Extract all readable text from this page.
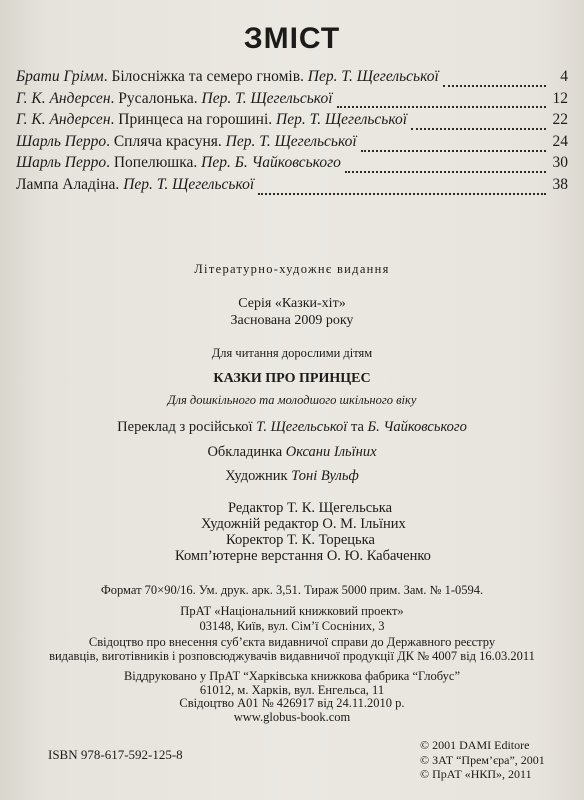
ЗМІСТ
Брати Грімм. Білосніжка та семеро гномів. Пер. Т. Щегельської	4
Г. К. Андерсен. Русалонька. Пер. Т. Щегельської	12
Г. К. Андерсен. Принцеса на горошині. Пер. Т. Щегельської	22
Шарль Перро. Спляча красуня. Пер. Т. Щегельської	24
Шарль Перро. Попелюшка. Пер. Б. Чайковського	30
Лампа Аладіна. Пер. Т. Щегельської	38
Літературно-художнє видання
Серія «Казки-хіт»
Заснована 2009 року
Для читання дорослими дітям
КАЗКИ ПРО ПРИНЦЕС
Для дошкільного та молодшого шкільного віку
Переклад з російської Т. Щегельської та Б. Чайковського
Обкладинка Оксани Ільїних
Художник Тоні Вульф
Редактор Т. К. Щегельська
Художній редактор О. М. Ільїних
Коректор Т. К. Торецька
Комп’ютерне верстання О. Ю. Кабаченко
Формат 70×90/16. Ум. друк. арк. 3,51. Тираж 5000 прим. Зам. № 1-0594.
ПрАТ «Національний книжковий проект»
03148, Київ, вул. Сім’ї Сосніних, 3
Свідоцтво про внесення суб’єкта видавничої справи до Державного реєстру
видавців, виготівників і розповсюджувачів видавничої продукції ДК № 4007 від 16.03.2011
Віддруковано у ПрАТ “Харківська книжкова фабрика “Глобус”
61012, м. Харків, вул. Енгельса, 11
Свідоцтво А01 № 426917 від 24.11.2010 р.
www.globus-book.com
ISBN 978-617-592-125-8
© 2001 DAMI Editore
© ЗАТ “Прем’єра”, 2001
© ПрАТ «НКП», 2011
